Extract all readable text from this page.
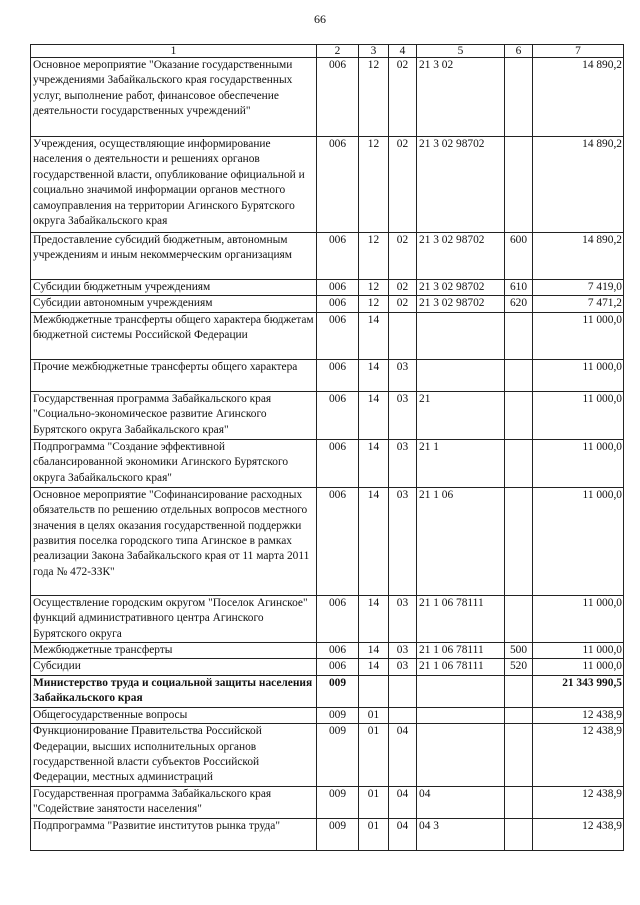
66
1	2	3	4	5	6	7
Основное мероприятие "Оказание государственными учреждениями Забайкальского края государственных услуг, выполнение работ, финансовое обеспечение деятельности государственных учреждений"	006	12	02	21 3 02		14 890,2
Учреждения, осуществляющие информирование населения о деятельности и решениях органов государственной власти, опубликование официальной и социально значимой информации органов местного самоуправления на территории Агинского Бурятского округа Забайкальского края	006	12	02	21 3 02 98702		14 890,2
Предоставление субсидий бюджетным, автономным учреждениям и иным некоммерческим организациям	006	12	02	21 3 02 98702	600	14 890,2
Субсидии бюджетным учреждениям	006	12	02	21 3 02 98702	610	7 419,0
Субсидии автономным учреждениям	006	12	02	21 3 02 98702	620	7 471,2
Межбюджетные трансферты общего характера бюджетам бюджетной системы Российской Федерации	006	14				11 000,0
Прочие межбюджетные трансферты общего характера	006	14	03			11 000,0
Государственная программа Забайкальского края "Социально-экономическое развитие Агинского Бурятского округа Забайкальского края"	006	14	03	21		11 000,0
Подпрограмма "Создание эффективной сбалансированной экономики Агинского Бурятского округа Забайкальского края"	006	14	03	21 1		11 000,0
Основное мероприятие "Софинансирование расходных обязательств по решению отдельных вопросов местного значения в целях оказания государственной поддержки развития поселка городского типа Агинское в рамках реализации Закона Забайкальского края от 11 марта 2011 года № 472-ЗЗК"	006	14	03	21 1 06		11 000,0
Осуществление городским округом "Поселок Агинское" функций административного центра Агинского Бурятского округа	006	14	03	21 1 06 78111		11 000,0
Межбюджетные трансферты	006	14	03	21 1 06 78111	500	11 000,0
Субсидии	006	14	03	21 1 06 78111	520	11 000,0
Министерство труда и социальной защиты населения Забайкальского края	009					21 343 990,5
Общегосударственные вопросы	009	01				12 438,9
Функционирование Правительства Российской Федерации, высших исполнительных органов государственной власти субъектов Российской Федерации, местных администраций	009	01	04			12 438,9
Государственная программа Забайкальского края "Содействие занятости населения"	009	01	04	04		12 438,9
Подпрограмма "Развитие институтов рынка труда"	009	01	04	04 3		12 438,9
